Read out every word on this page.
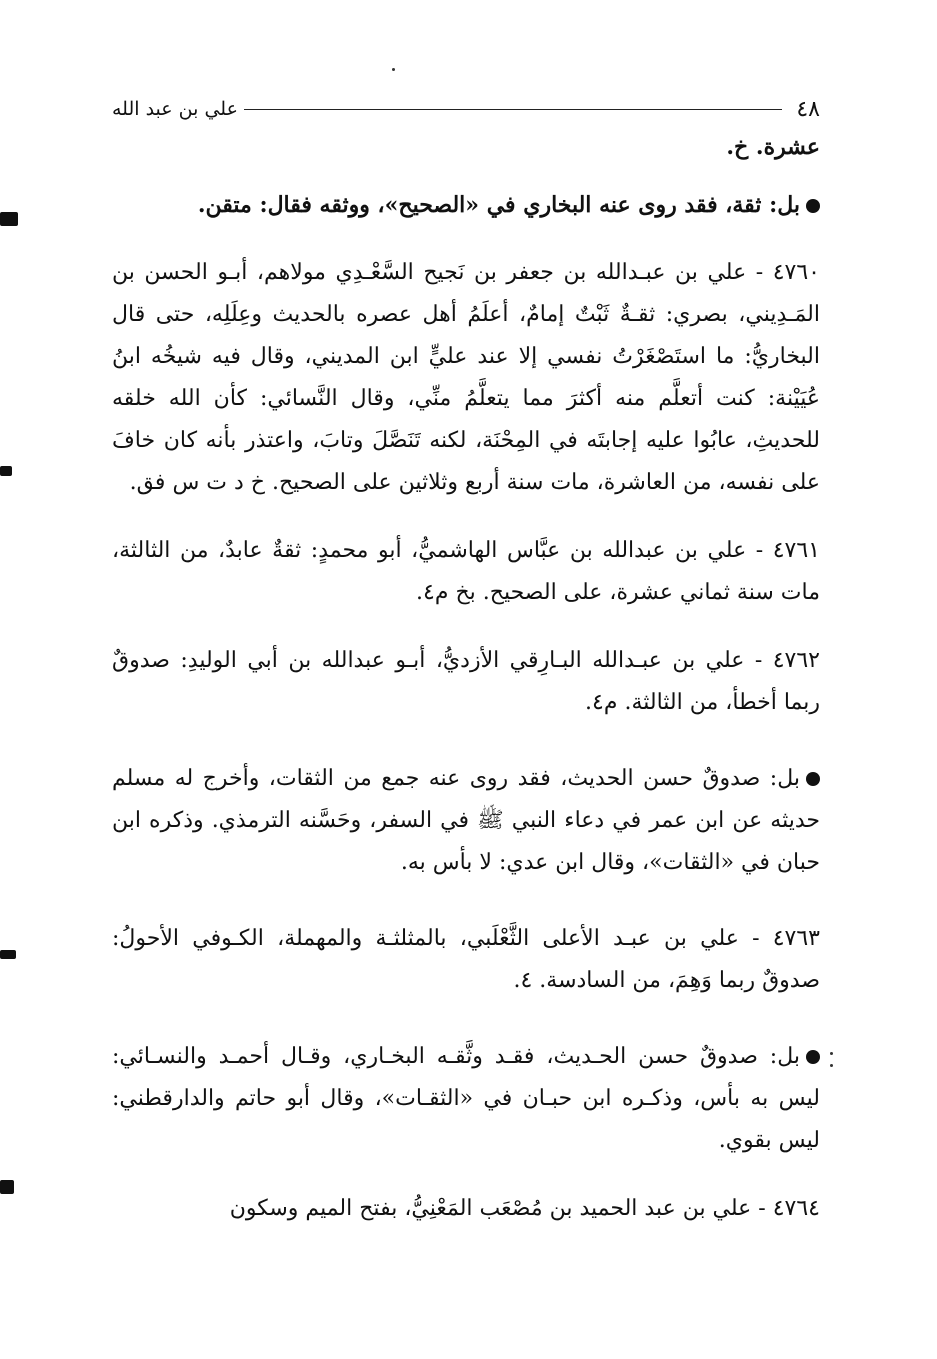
٤٨
علي بن عبد الله

عشرة. خ.

بل: ثقة، فقد روى عنه البخاري في «الصحيح»، ووثقه فقال: متقن.

٤٧٦٠ - علي بن عبـدالله بن جعفر بن نَجيح السَّعْـدِي مولاهم، أبـو الحسن بن المَـدِيني، بصري: ثقـةٌ ثَبْتٌ إمامٌ، أعلَمُ أهل عصره بالحديث وعِلَلِه، حتى قال البخاريُّ: ما استَصْغَرْتُ نفسي إلا عند عليٍّ ابن المديني، وقال فيه شيخُه ابنُ عُيَيْنة: كنت أتعلَّم منه أكثرَ مما يتعلَّمُ منِّي، وقال النَّسائي: كأن الله خلقه للحديثِ، عابُوا عليه إجابتَه في المِحْنَة، لكنه تَنَصَّلَ وتابَ، واعتذر بأنه كان خافَ على نفسه، من العاشرة، مات سنة أربع وثلاثين على الصحيح. خ د ت س فق.

٤٧٦١ - علي بن عبدالله بن عبَّاس الهاشميُّ، أبو محمدٍ: ثقةٌ عابدٌ، من الثالثة، مات سنة ثماني عشرة، على الصحيح. بخ م٤.

٤٧٦٢ - علي بن عبـدالله البـارِقي الأزديُّ، أبـو عبدالله بن أبي الوليدِ: صدوقٌ ربما أخطأ، من الثالثة. م٤.

بل: صدوقٌ حسن الحديث، فقد روى عنه جمع من الثقات، وأخرج له مسلم حديثه عن ابن عمر في دعاء النبي ﷺ في السفر، وحَسَّنه الترمذي. وذكره ابن حبان في «الثقات»، وقال ابن عدي: لا بأس به.

٤٧٦٣ - علي بن عبـد الأعلى الثَّعْلَبي، بالمثلثـة والمهملة، الكـوفي الأحولُ: صدوقٌ ربما وَهِمَ، من السادسة. ٤.

بل: صدوقٌ حسن الحـديث، فقـد وثَّقـه البخـاري، وقـال أحمـد والنسـائي: ليس به بأس، وذكـره ابن حبـان في «الثقـات»، وقال أبو حاتم والدارقطني: ليس بقوي.

٤٧٦٤ - علي بن عبد الحميد بن مُصْعَب المَعْنِيُّ، بفتح الميم وسكون
